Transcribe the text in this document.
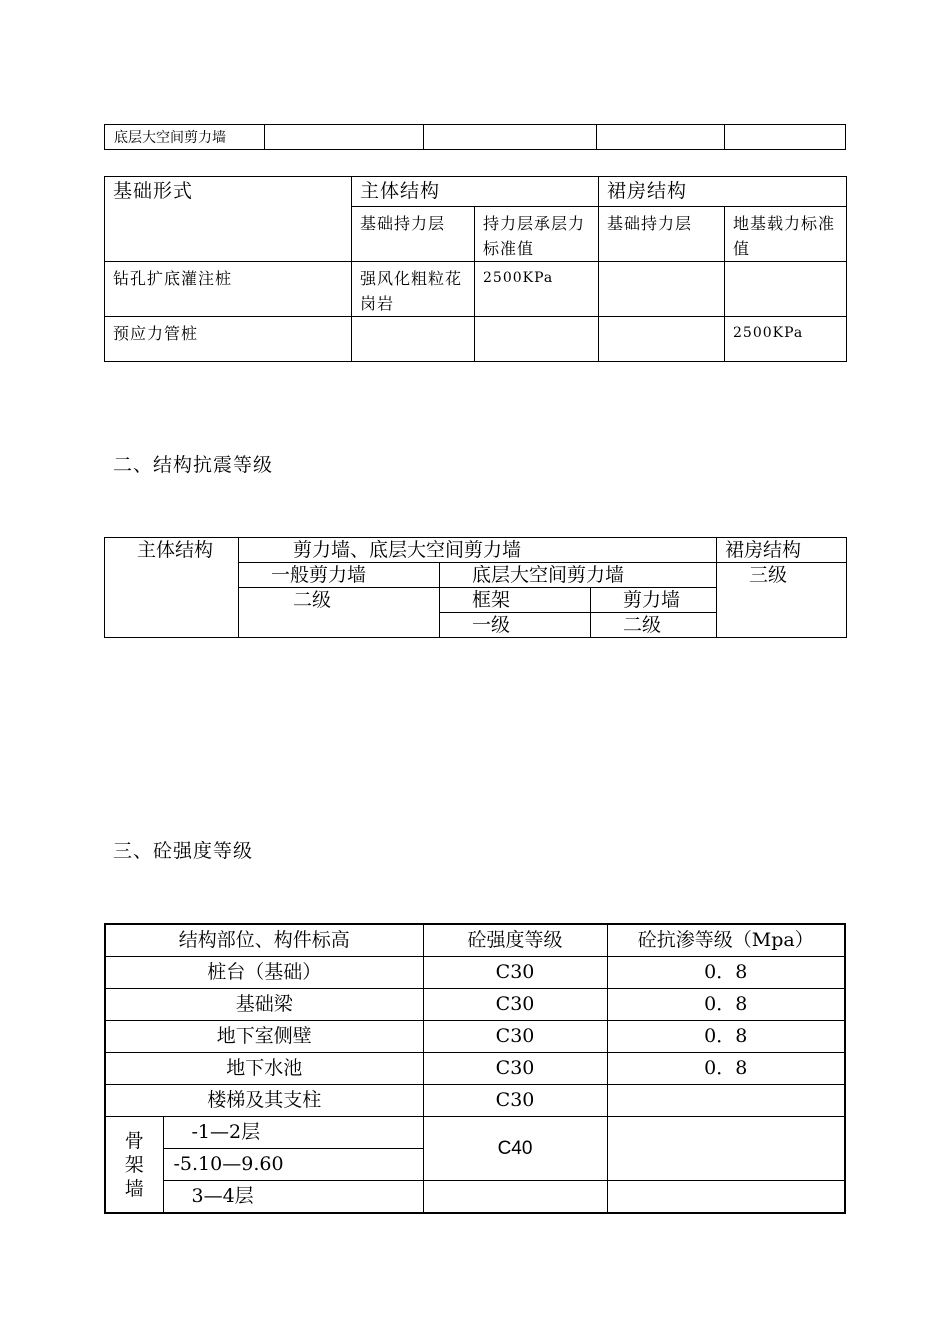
底层大空间剪力墙				
基础形式	主体结构		裙房结构	
	基础持力层	持力层承层力标准值	基础持力层	地基载力标准值
钻孔扩底灌注桩	强风化粗粒花岗岩	2500KPa		
预应力管桩				2500KPa
二、结构抗震等级
主体结构	剪力墙、底层大空间剪力墙			裙房结构
	一般剪力墙	底层大空间剪力墙		三级
	二级	框架	剪力墙	
		一级	二级	
三、砼强度等级
结构部位、构件标高		砼强度等级	砼抗渗等级（Mpa）
桩台（基础）		C30	0．8
基础梁		C30	0．8
地下室侧壁		C30	0．8
地下水池		C30	0．8
楼梯及其支柱		C30	
骨架墙	-1—2层	C40	
	-5.10—9.60		
	3—4层		
